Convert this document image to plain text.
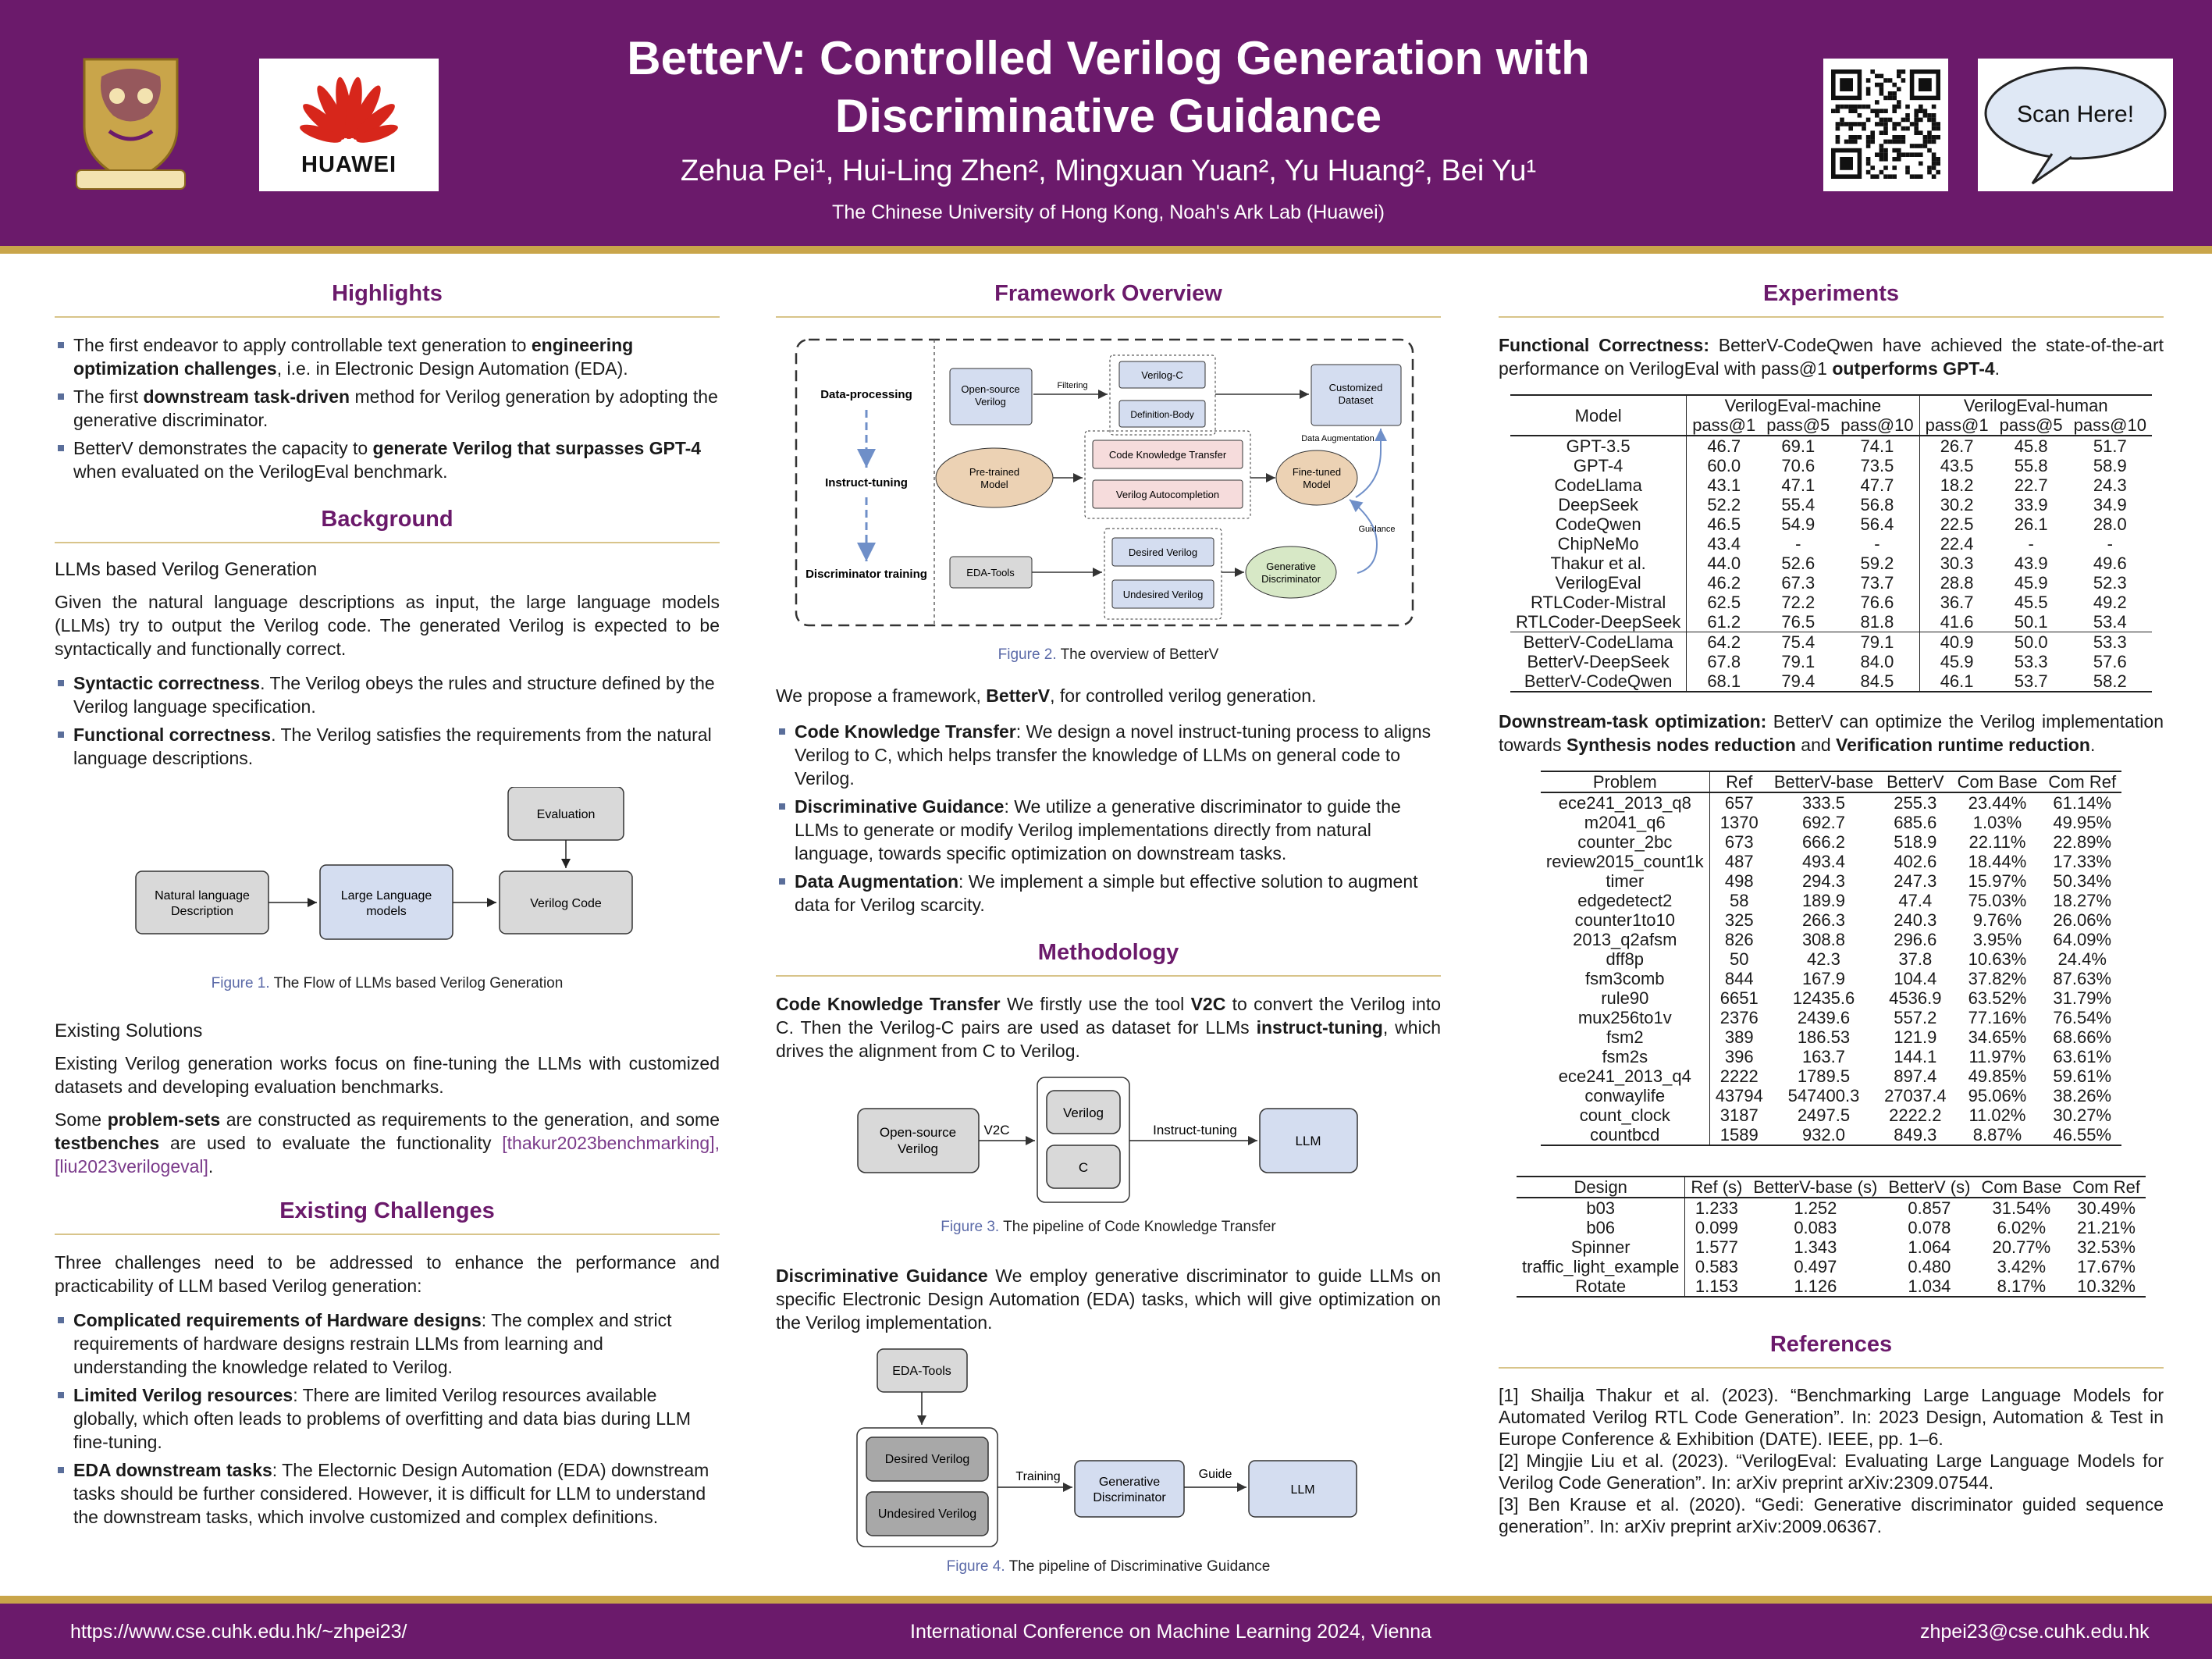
HUAWEI
BetterV: Controlled Verilog Generation with Discriminative Guidance
Zehua Pei¹, Hui-Ling Zhen², Mingxuan Yuan², Yu Huang², Bei Yu¹
The Chinese University of Hong Kong, Noah's Ark Lab (Huawei)
Scan Here!
Highlights
The first endeavor to apply controllable text generation to engineering optimization challenges, i.e. in Electronic Design Automation (EDA).
The first downstream task-driven method for Verilog generation by adopting the generative discriminator.
BetterV demonstrates the capacity to generate Verilog that surpasses GPT-4 when evaluated on the VerilogEval benchmark.
Background
LLMs based Verilog Generation
Given the natural language descriptions as input, the large language models (LLMs) try to output the Verilog code. The generated Verilog is expected to be syntactically and functionally correct.
Syntactic correctness. The Verilog obeys the rules and structure defined by the Verilog language specification.
Functional correctness. The Verilog satisfies the requirements from the natural language descriptions.
Natural language Description
Large Language models
Verilog Code
Evaluation
Figure 1. The Flow of LLMs based Verilog Generation
Existing Solutions
Existing Verilog generation works focus on fine-tuning the LLMs with customized datasets and developing evaluation benchmarks.
Some problem-sets are constructed as requirements to the generation, and some testbenches are used to evaluate the functionality [thakur2023benchmarking],[liu2023verilogeval].
Existing Challenges
Three challenges need to be addressed to enhance the performance and practicability of LLM based Verilog generation:
Complicated requirements of Hardware designs: The complex and strict requirements of hardware designs restrain LLMs from learning and understanding the knowledge related to Verilog.
Limited Verilog resources: There are limited Verilog resources available globally, which often leads to problems of overfitting and data bias during LLM fine-tuning.
EDA downstream tasks: The Electornic Design Automation (EDA) downstream tasks should be further considered. However, it is difficult for LLM to understand the downstream tasks, which involve customized and complex definitions.
Framework Overview
Data-processing
Instruct-tuning
Discriminator training
Open-source Verilog
Filtering
Verilog-C
Definition-Body
Customized Dataset
Data Augmentation
Pre-trained Model
Code Knowledge Transfer
Verilog Autocompletion
Fine-tuned Model
Guidance
EDA-Tools
Desired Verilog
Undesired Verilog
Generative Discriminator
Figure 2. The overview of BetterV
We propose a framework, BetterV, for controlled verilog generation.
Code Knowledge Transfer: We design a novel instruct-tuning process to aligns Verilog to C, which helps transfer the knowledge of LLMs on general code to Verilog.
Discriminative Guidance: We utilize a generative discriminator to guide the LLMs to generate or modify Verilog implementations directly from natural language, towards specific optimization on downstream tasks.
Data Augmentation: We implement a simple but effective solution to augment data for Verilog scarcity.
Methodology
Code Knowledge Transfer We firstly use the tool V2C to convert the Verilog into C. Then the Verilog-C pairs are used as dataset for LLMs instruct-tuning, which drives the alignment from C to Verilog.
Open-source Verilog
V2C
Verilog
C
Instruct-tuning
LLM
Figure 3. The pipeline of Code Knowledge Transfer
Discriminative Guidance We employ generative discriminator to guide LLMs on specific Electronic Design Automation (EDA) tasks, which will give optimization on the Verilog implementation.
EDA-Tools
Desired Verilog
Undesired Verilog
Training	Generative Discriminator
Guide
LLM
Figure 4. The pipeline of Discriminative Guidance
Experiments
Functional Correctness: BetterV-CodeQwen have achieved the state-of-the-art performance on VerilogEval with pass@1 outperforms GPT-4.
Model	VerilogEval-machine			VerilogEval-human		
	pass@1	pass@5	pass@10	pass@1	pass@5	pass@10
GPT-3.5	46.7	69.1	74.1	26.7	45.8	51.7
GPT-4	60.0	70.6	73.5	43.5	55.8	58.9
CodeLlama	43.1	47.1	47.7	18.2	22.7	24.3
DeepSeek	52.2	55.4	56.8	30.2	33.9	34.9
CodeQwen	46.5	54.9	56.4	22.5	26.1	28.0
ChipNeMo	43.4	-	-	22.4	-	-
Thakur et al.	44.0	52.6	59.2	30.3	43.9	49.6
VerilogEval	46.2	67.3	73.7	28.8	45.9	52.3
RTLCoder-Mistral	62.5	72.2	76.6	36.7	45.5	49.2
RTLCoder-DeepSeek	61.2	76.5	81.8	41.6	50.1	53.4
BetterV-CodeLlama	64.2	75.4	79.1	40.9	50.0	53.3
BetterV-DeepSeek	67.8	79.1	84.0	45.9	53.3	57.6
BetterV-CodeQwen	68.1	79.4	84.5	46.1	53.7	58.2
Downstream-task optimization: BetterV can optimize the Verilog implementation towards Synthesis nodes reduction and Verification runtime reduction.
Problem	Ref	BetterV-base	BetterV	Com Base	Com Ref
ece241_2013_q8	657	333.5	255.3	23.44%	61.14%
m2041_q6	1370	692.7	685.6	1.03%	49.95%
counter_2bc	673	666.2	518.9	22.11%	22.89%
review2015_count1k	487	493.4	402.6	18.44%	17.33%
timer	498	294.3	247.3	15.97%	50.34%
edgedetect2	58	189.9	47.4	75.03%	18.27%
counter1to10	325	266.3	240.3	9.76%	26.06%
2013_q2afsm	826	308.8	296.6	3.95%	64.09%
dff8p	50	42.3	37.8	10.63%	24.4%
fsm3comb	844	167.9	104.4	37.82%	87.63%
rule90	6651	12435.6	4536.9	63.52%	31.79%
mux256to1v	2376	2439.6	557.2	77.16%	76.54%
fsm2	389	186.53	121.9	34.65%	68.66%
fsm2s	396	163.7	144.1	11.97%	63.61%
ece241_2013_q4	2222	1789.5	897.4	49.85%	59.61%
conwaylife	43794	547400.3	27037.4	95.06%	38.26%
count_clock	3187	2497.5	2222.2	11.02%	30.27%
countbcd	1589	932.0	849.3	8.87%	46.55%
Design	Ref (s)	BetterV-base (s)	BetterV (s)	Com Base	Com Ref
b03	1.233	1.252	0.857	31.54%	30.49%
b06	0.099	0.083	0.078	6.02%	21.21%
Spinner	1.577	1.343	1.064	20.77%	32.53%
traffic_light_example	0.583	0.497	0.480	3.42%	17.67%
Rotate	1.153	1.126	1.034	8.17%	10.32%
References
[1] Shailja Thakur et al. (2023). “Benchmarking Large Language Models for Automated Verilog RTL Code Generation”. In: 2023 Design, Automation & Test in Europe Conference & Exhibition (DATE). IEEE, pp. 1–6.
[2] Mingjie Liu et al. (2023). “VerilogEval: Evaluating Large Language Models for Verilog Code Generation”. In: arXiv preprint arXiv:2309.07544.
[3] Ben Krause et al. (2020). “Gedi: Generative discriminator guided sequence generation”. In: arXiv preprint arXiv:2009.06367.
https://www.cse.cuhk.edu.hk/~zhpei23/	International Conference on Machine Learning 2024, Vienna	zhpei23@cse.cuhk.edu.hk
